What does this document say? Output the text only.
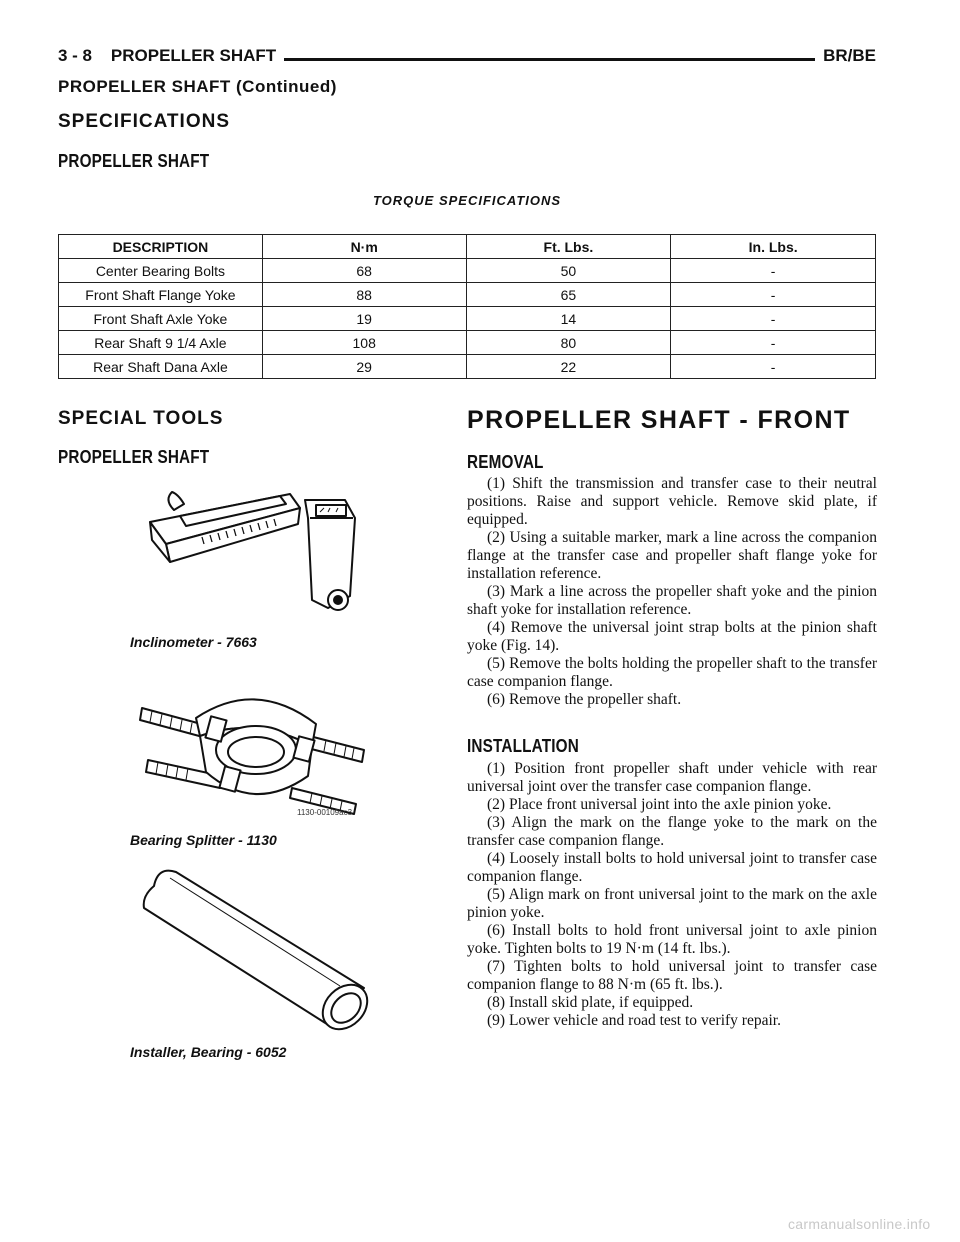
3 - 8    PROPELLER SHAFT	BR/BE
PROPELLER SHAFT (Continued)
SPECIFICATIONS
PROPELLER SHAFT
TORQUE SPECIFICATIONS
DESCRIPTION	N·m	Ft. Lbs.	In. Lbs.
Center Bearing Bolts	68	50	-
Front Shaft Flange Yoke	88	65	-
Front Shaft Axle Yoke	19	14	-
Rear Shaft 9 1/4 Axle	108	80	-
Rear Shaft Dana Axle	29	22	-
SPECIAL TOOLS
PROPELLER SHAFT
Inclinometer - 7663
1130-00109ac3
Bearing Splitter - 1130
Installer, Bearing - 6052
PROPELLER SHAFT - FRONT
REMOVAL

(1) Shift the transmission and transfer case to their neutral positions. Raise and support vehicle. Remove skid plate, if equipped.

(2) Using a suitable marker, mark a line across the companion flange at the transfer case and propeller shaft flange yoke for installation reference.

(3) Mark a line across the propeller shaft yoke and the pinion shaft yoke for installation reference.

(4) Remove the universal joint strap bolts at the pinion shaft yoke (Fig. 14).

(5) Remove the bolts holding the propeller shaft to the transfer case companion flange.

(6) Remove the propeller shaft.

INSTALLATION

(1) Position front propeller shaft under vehicle with rear universal joint over the transfer case companion flange.

(2) Place front universal joint into the axle pinion yoke.

(3) Align the mark on the flange yoke to the mark on the transfer case companion flange.

(4) Loosely install bolts to hold universal joint to transfer case companion flange.

(5) Align mark on front universal joint to the mark on the axle pinion yoke.

(6) Install bolts to hold front universal joint to axle pinion yoke. Tighten bolts to 19 N·m (14 ft. lbs.).

(7) Tighten bolts to hold universal joint to transfer case companion flange to 88 N·m (65 ft. lbs.).

(8) Install skid plate, if equipped.

(9) Lower vehicle and road test to verify repair.

carmanualsonline.info
